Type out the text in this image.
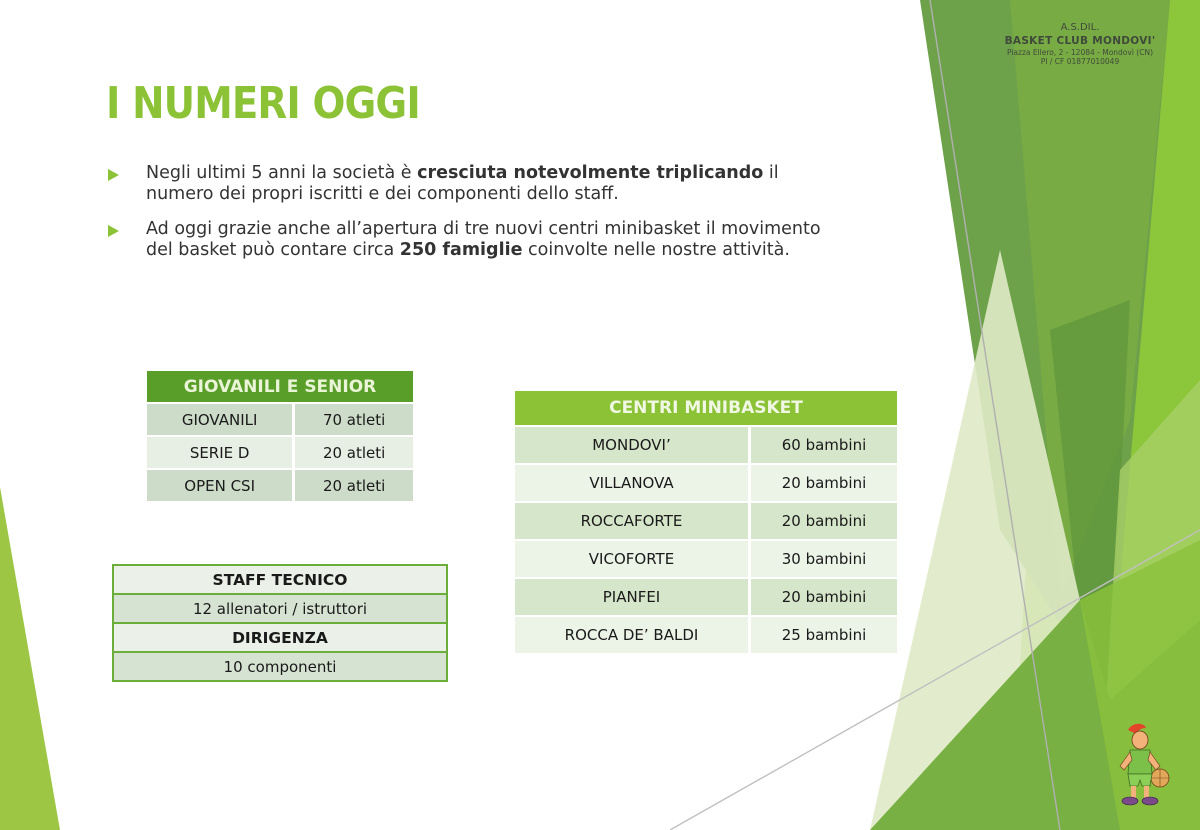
A.S.DIL.
BASKET CLUB MONDOVI'
Piazza Ellero, 2 - 12084 - Mondovì (CN)
PI / CF 01877010049
I NUMERI OGGI
Negli ultimi 5 anni la società è cresciuta notevolmente triplicando il numero dei propri iscritti e dei componenti dello staff.
Ad oggi grazie anche all’apertura di tre nuovi centri minibasket il movimento del basket può contare circa 250 famiglie coinvolte nelle nostre attività.
GIOVANILI E SENIOR	
GIOVANILI	70 atleti
SERIE D	20 atleti
OPEN CSI	20 atleti
STAFF TECNICO
12 allenatori / istruttori
DIRIGENZA
10 componenti
CENTRI MINIBASKET	
MONDOVI’	60 bambini
VILLANOVA	20 bambini
ROCCAFORTE	20 bambini
VICOFORTE	30 bambini
PIANFEI	20 bambini
ROCCA DE’ BALDI	25 bambini
